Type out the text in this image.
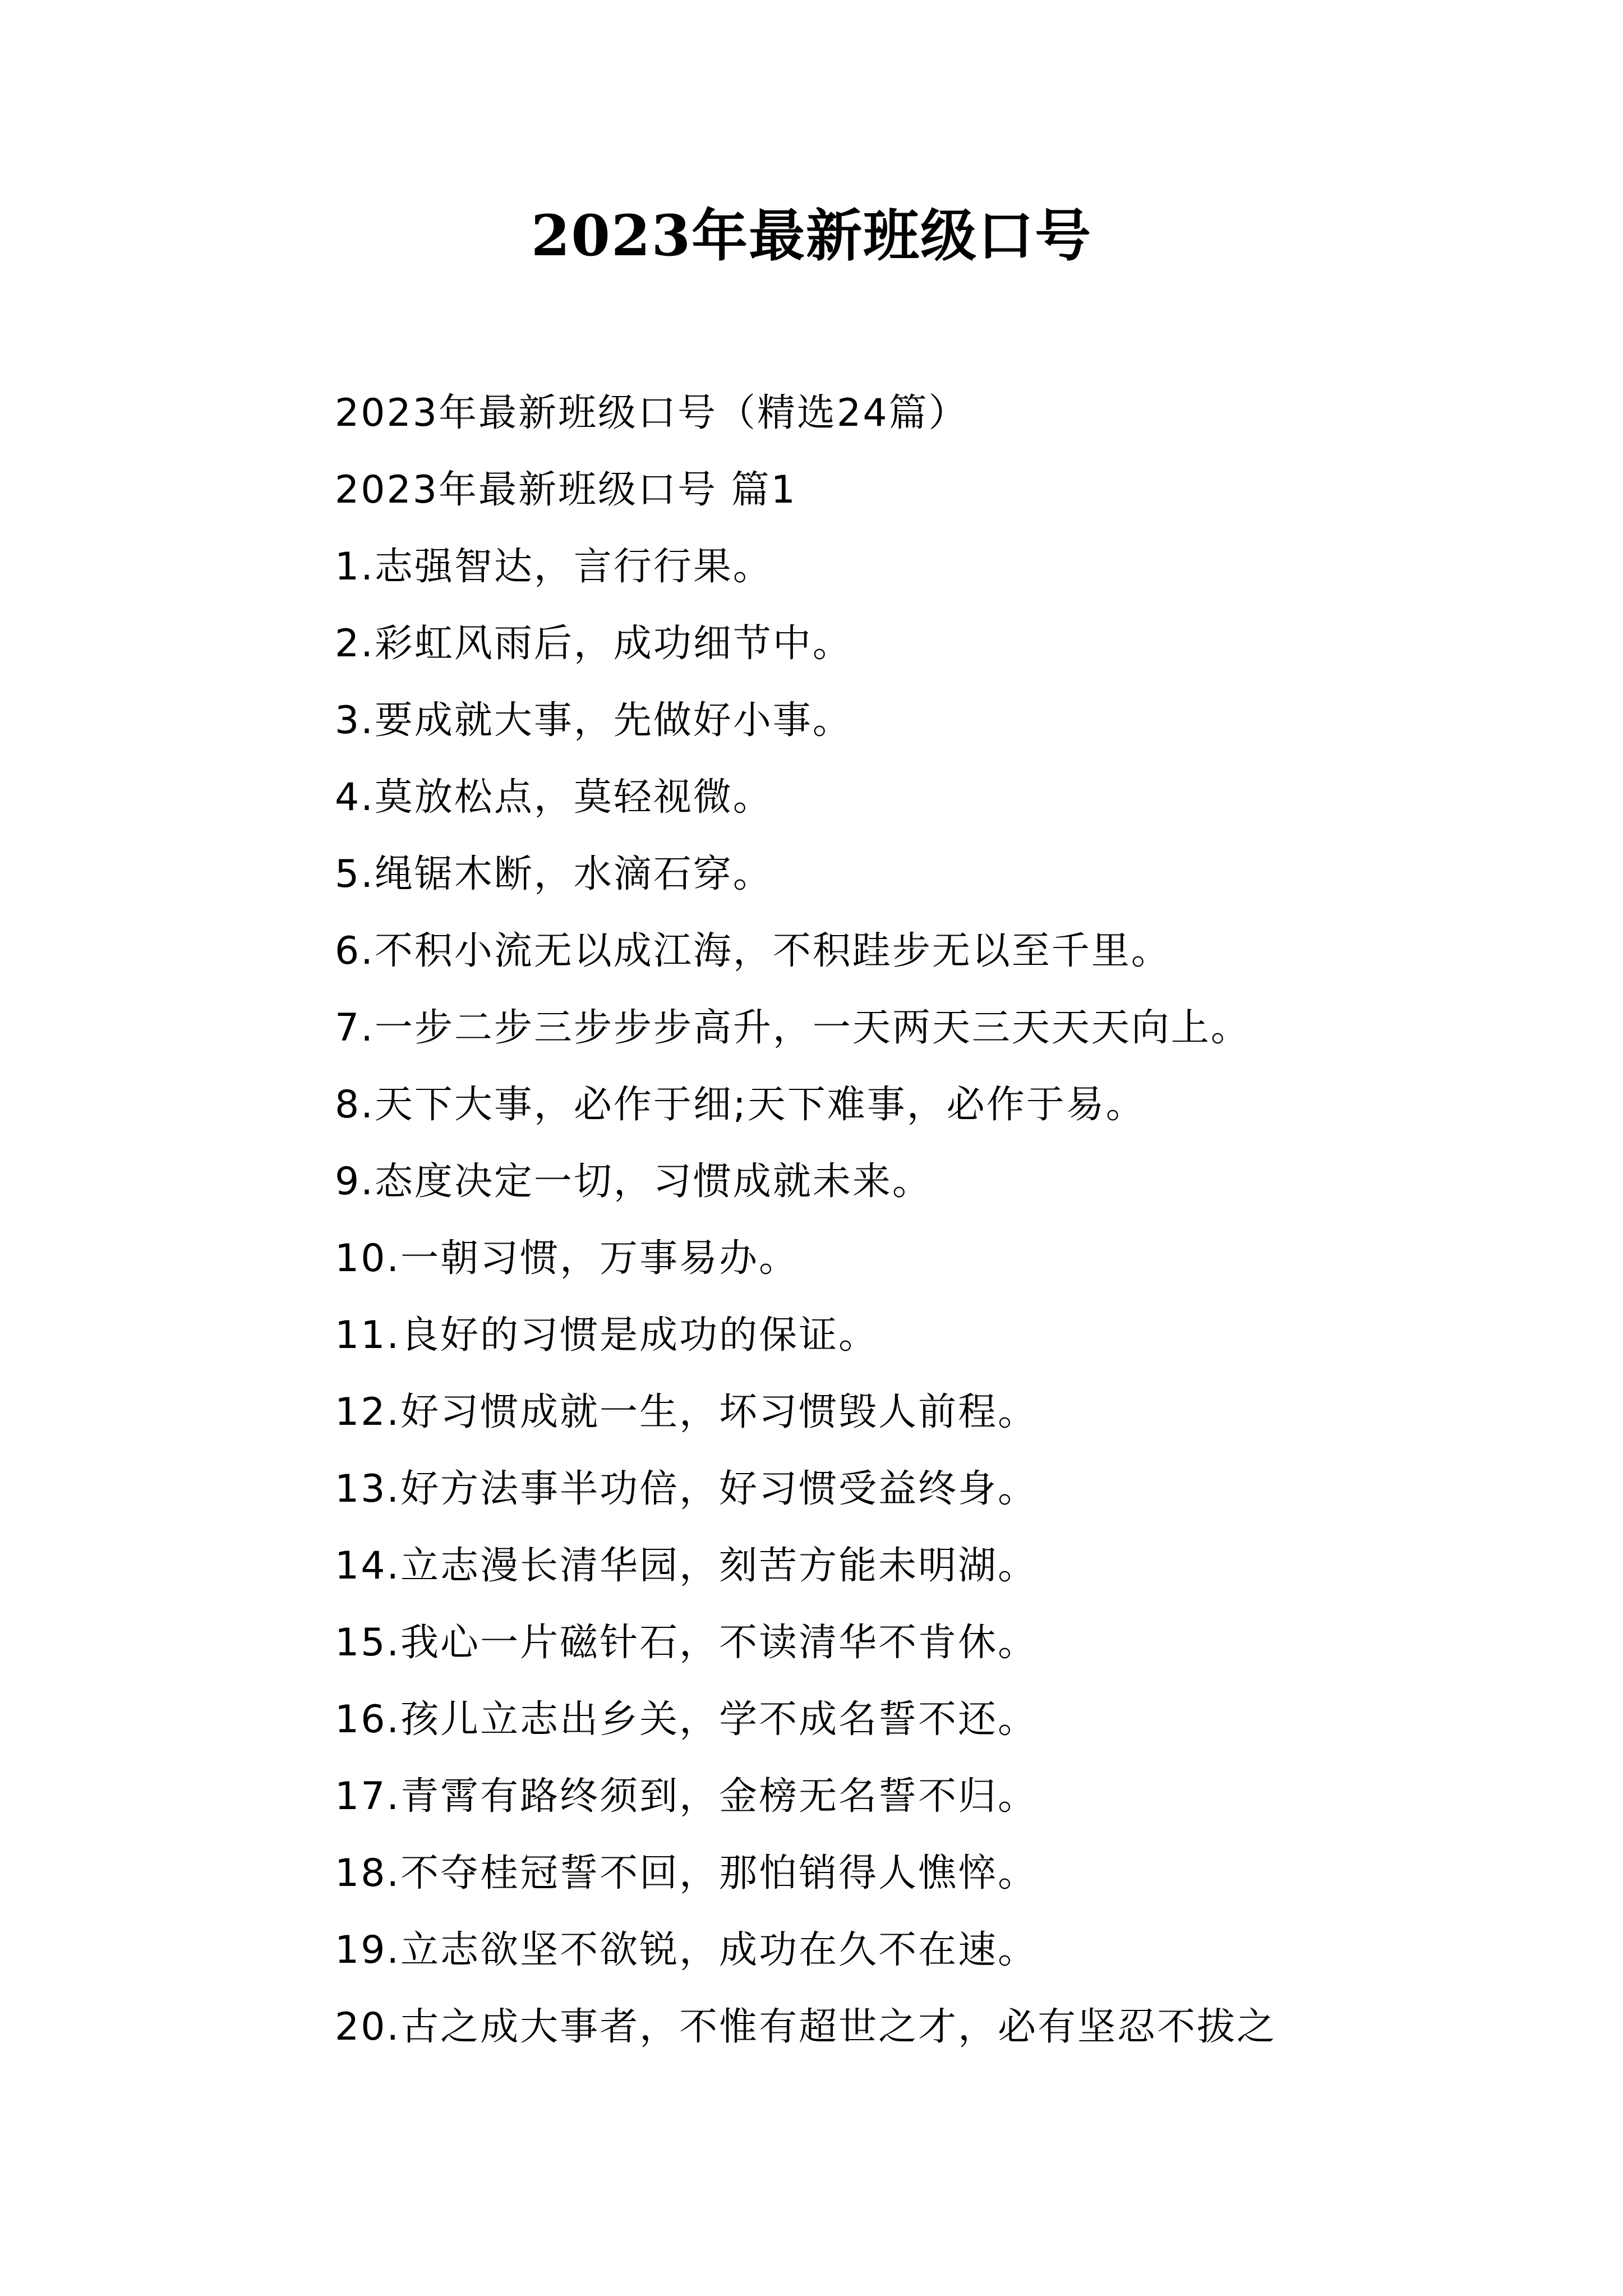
2023年最新班级口号
2023年最新班级口号（精选24篇）
2023年最新班级口号 篇1
1.志强智达，言行行果。
2.彩虹风雨后，成功细节中。
3.要成就大事，先做好小事。
4.莫放松点，莫轻视微。
5.绳锯木断，水滴石穿。
6.不积小流无以成江海，不积跬步无以至千里。
7.一步二步三步步步高升，一天两天三天天天向上。
8.天下大事，必作于细;天下难事，必作于易。
9.态度决定一切，习惯成就未来。
10.一朝习惯，万事易办。
11.良好的习惯是成功的保证。
12.好习惯成就一生，坏习惯毁人前程。
13.好方法事半功倍，好习惯受益终身。
14.立志漫长清华园，刻苦方能未明湖。
15.我心一片磁针石，不读清华不肯休。
16.孩儿立志出乡关，学不成名誓不还。
17.青霄有路终须到，金榜无名誓不归。
18.不夺桂冠誓不回，那怕销得人憔悴。
19.立志欲坚不欲锐，成功在久不在速。
20.古之成大事者，不惟有超世之才，必有坚忍不拔之
